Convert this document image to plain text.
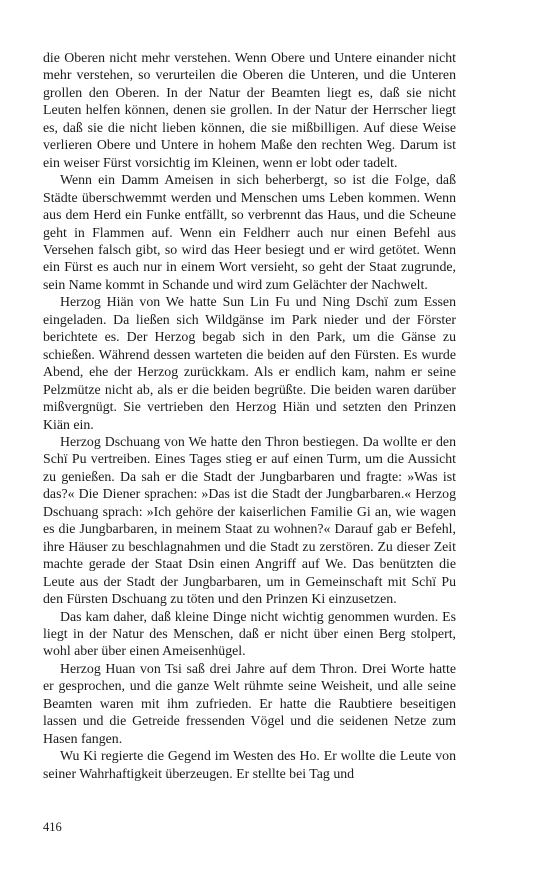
die Oberen nicht mehr verstehen. Wenn Obere und Untere einander nicht mehr verstehen, so verurteilen die Oberen die Unteren, und die Unteren grollen den Oberen. In der Natur der Beamten liegt es, daß sie nicht Leuten helfen können, denen sie grollen. In der Natur der Herrscher liegt es, daß sie die nicht lieben können, die sie mißbilligen. Auf diese Weise verlieren Obere und Untere in hohem Maße den rechten Weg. Darum ist ein weiser Fürst vorsichtig im Kleinen, wenn er lobt oder tadelt.

Wenn ein Damm Ameisen in sich beherbergt, so ist die Folge, daß Städte überschwemmt werden und Menschen ums Leben kommen. Wenn aus dem Herd ein Funke entfällt, so verbrennt das Haus, und die Scheune geht in Flammen auf. Wenn ein Feldherr auch nur einen Befehl aus Versehen falsch gibt, so wird das Heer besiegt und er wird getötet. Wenn ein Fürst es auch nur in einem Wort versieht, so geht der Staat zugrunde, sein Name kommt in Schande und wird zum Gelächter der Nachwelt.

Herzog Hiän von We hatte Sun Lin Fu und Ning Dschï zum Essen eingeladen. Da ließen sich Wildgänse im Park nieder und der Förster berichtete es. Der Herzog begab sich in den Park, um die Gänse zu schießen. Während dessen warteten die beiden auf den Fürsten. Es wurde Abend, ehe der Herzog zurückkam. Als er endlich kam, nahm er seine Pelzmütze nicht ab, als er die beiden begrüßte. Die beiden waren darüber mißvergnügt. Sie vertrieben den Herzog Hiän und setzten den Prinzen Kiän ein.

Herzog Dschuang von We hatte den Thron bestiegen. Da wollte er den Schï Pu vertreiben. Eines Tages stieg er auf einen Turm, um die Aussicht zu genießen. Da sah er die Stadt der Jungbarbaren und fragte: »Was ist das?« Die Diener sprachen: »Das ist die Stadt der Jungbarbaren.« Herzog Dschuang sprach: »Ich gehöre der kaiserlichen Familie Gi an, wie wagen es die Jungbarbaren, in meinem Staat zu wohnen?« Darauf gab er Befehl, ihre Häuser zu beschlagnahmen und die Stadt zu zerstören. Zu dieser Zeit machte gerade der Staat Dsin einen Angriff auf We. Das benützten die Leute aus der Stadt der Jungbarbaren, um in Gemeinschaft mit Schï Pu den Fürsten Dschuang zu töten und den Prinzen Ki einzusetzen.

Das kam daher, daß kleine Dinge nicht wichtig genommen wurden. Es liegt in der Natur des Menschen, daß er nicht über einen Berg stolpert, wohl aber über einen Ameisenhügel.

Herzog Huan von Tsi saß drei Jahre auf dem Thron. Drei Worte hatte er gesprochen, und die ganze Welt rühmte seine Weisheit, und alle seine Beamten waren mit ihm zufrieden. Er hatte die Raubtiere beseitigen lassen und die Getreide fressenden Vögel und die seidenen Netze zum Hasen fangen.

Wu Ki regierte die Gegend im Westen des Ho. Er wollte die Leute von seiner Wahrhaftigkeit überzeugen. Er stellte bei Tag und

416
